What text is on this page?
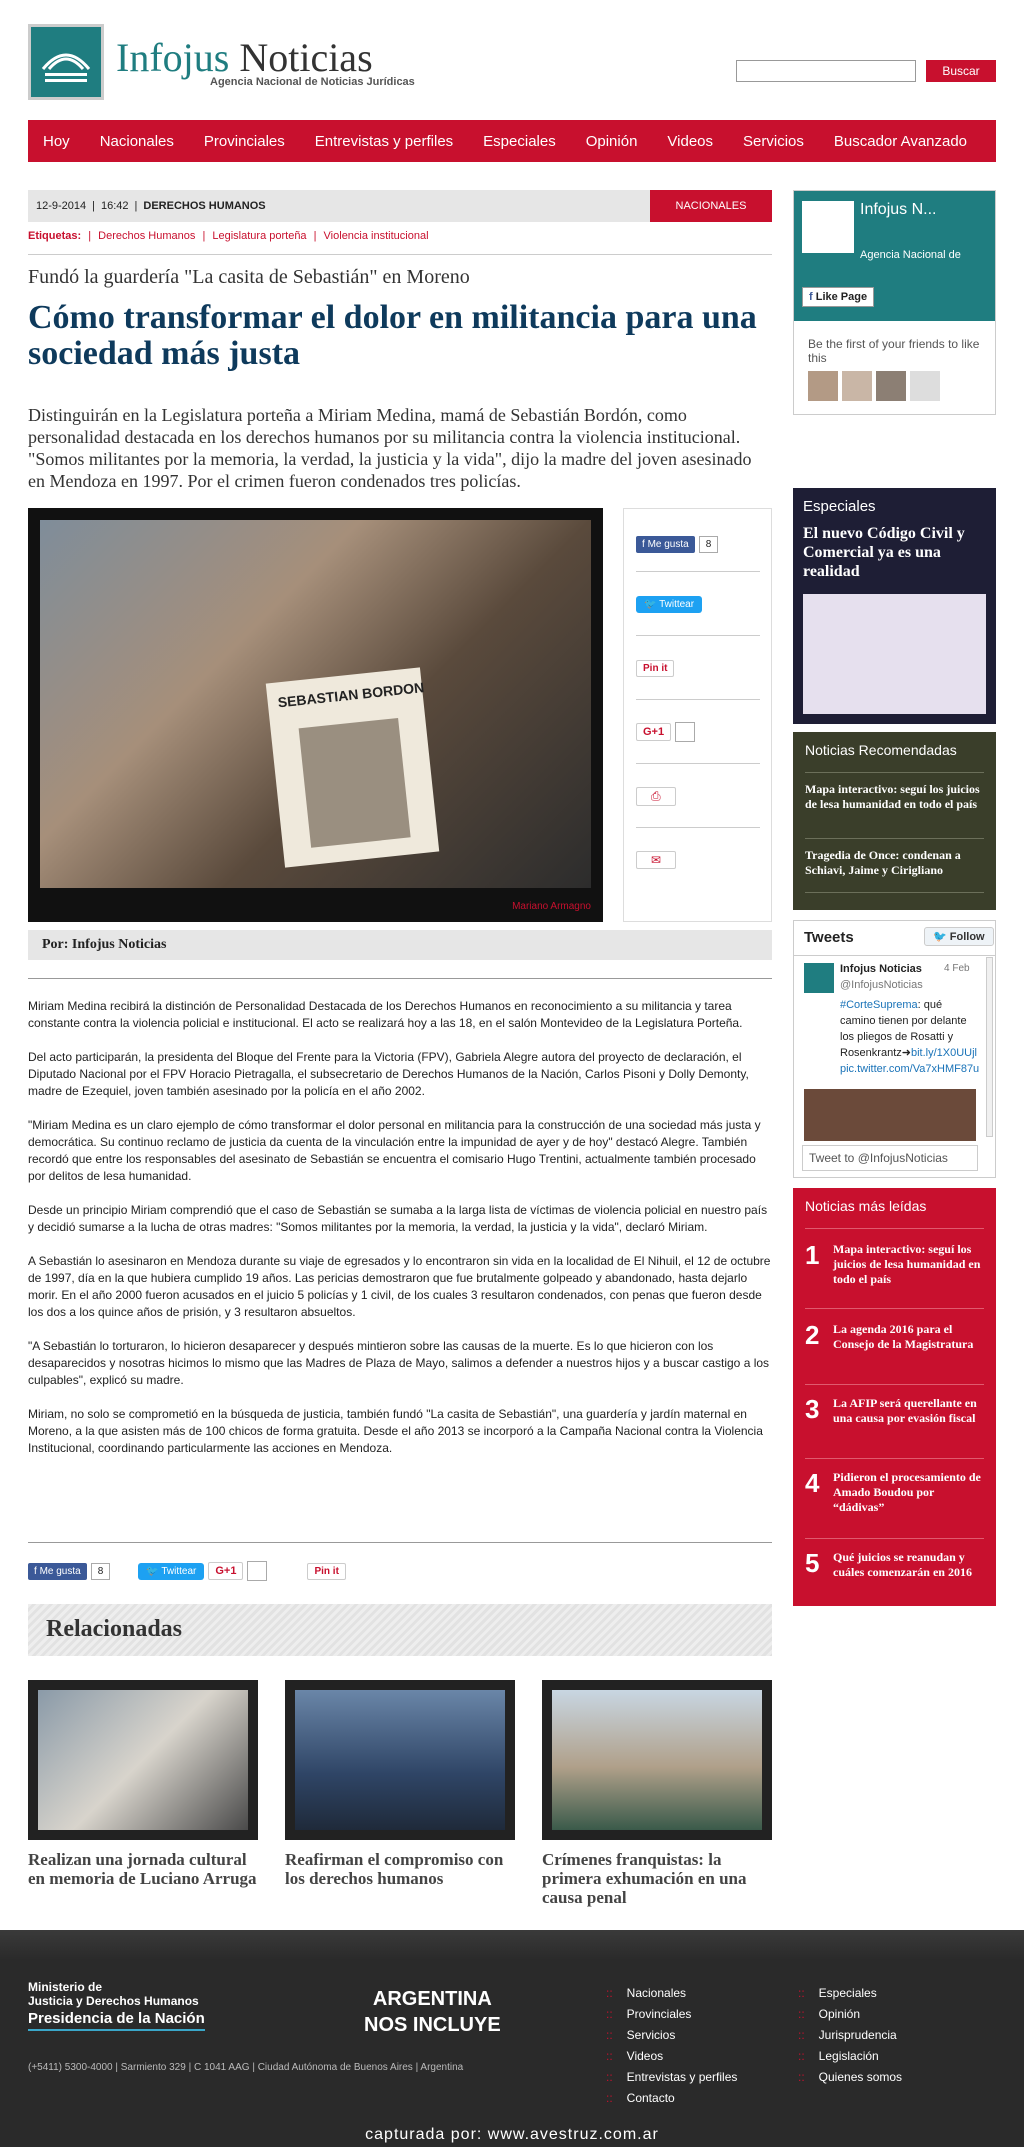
Infojus Noticias
Agencia Nacional de Noticias Jurídicas
Buscar
Hoy	Nacionales	Provinciales	Entrevistas y perfiles	Especiales	Opinión	Videos	Servicios	Buscador Avanzado
12-9-2014 | 16:42 | DERECHOS HUMANOS	NACIONALES
Etiquetas: | Derechos Humanos | Legislatura porteña | Violencia institucional
Fundó la guardería "La casita de Sebastián" en Moreno
Cómo transformar el dolor en militancia para una sociedad más justa
Distinguirán en la Legislatura porteña a Miriam Medina, mamá de Sebastián Bordón, como personalidad destacada en los derechos humanos por su militancia contra la violencia institucional. "Somos militantes por la memoria, la verdad, la justicia y la vida", dijo la madre del joven asesinado en Mendoza en 1997. Por el crimen fueron condenados tres policías.
SEBASTIAN BORDON
Mariano Armagno
f Me gusta	8
🐦 Twittear
Pin it
G+1
⎙
✉
Por: Infojus Noticias

Miriam Medina recibirá la distinción de Personalidad Destacada de los Derechos Humanos en reconocimiento a su militancia y tarea constante contra la violencia policial e institucional. El acto se realizará hoy a las 18, en el salón Montevideo de la Legislatura Porteña.

Del acto participarán, la presidenta del Bloque del Frente para la Victoria (FPV), Gabriela Alegre autora del proyecto de declaración, el Diputado Nacional por el FPV Horacio Pietragalla, el subsecretario de Derechos Humanos de la Nación, Carlos Pisoni y Dolly Demonty, madre de Ezequiel, joven también asesinado por la policía en el año 2002.

"Miriam Medina es un claro ejemplo de cómo transformar el dolor personal en militancia para la construcción de una sociedad más justa y democrática. Su continuo reclamo de justicia da cuenta de la vinculación entre la impunidad de ayer y de hoy" destacó Alegre. También recordó que entre los responsables del asesinato de Sebastián se encuentra el comisario Hugo Trentini, actualmente también procesado por delitos de lesa humanidad.

Desde un principio Miriam comprendió que el caso de Sebastián se sumaba a la larga lista de víctimas de violencia policial en nuestro país y decidió sumarse a la lucha de otras madres: "Somos militantes por la memoria, la verdad, la justicia y la vida", declaró Miriam.

A Sebastián lo asesinaron en Mendoza durante su viaje de egresados y lo encontraron sin vida en la localidad de El Nihuil, el 12 de octubre de 1997, día en la que hubiera cumplido 19 años. Las pericias demostraron que fue brutalmente golpeado y abandonado, hasta dejarlo morir. En el año 2000 fueron acusados en el juicio 5 policías y 1 civil, de los cuales 3 resultaron condenados, con penas que fueron desde los dos a los quince años de prisión, y 3 resultaron absueltos.

"A Sebastián lo torturaron, lo hicieron desaparecer y después mintieron sobre las causas de la muerte. Es lo que hicieron con los desaparecidos y nosotras hicimos lo mismo que las Madres de Plaza de Mayo, salimos a defender a nuestros hijos y a buscar castigo a los culpables", explicó su madre.

Miriam, no solo se comprometió en la búsqueda de justicia, también fundó "La casita de Sebastián", una guardería y jardín maternal en Moreno, a la que asisten más de 100 chicos de forma gratuita. Desde el año 2013 se incorporó a la Campaña Nacional contra la Violencia Institucional, coordinando particularmente las acciones en Mendoza.

f Me gusta	8	🐦 Twittear	G+1	Pin it
Relacionadas
Realizan una jornada cultural en memoria de Luciano Arruga
Reafirman el compromiso con los derechos humanos
Crímenes franquistas: la primera exhumación en una causa penal
Infojus N...
Agencia Nacional de
f Like Page
Be the first of your friends to like this
Especiales
El nuevo Código Civil y Comercial ya es una realidad
Noticias Recomendadas
Mapa interactivo: seguí los juicios de lesa humanidad en todo el país
Tragedia de Once: condenan a Schiavi, Jaime y Cirigliano
Tweets	🐦 Follow
Infojus Noticias
@InfojusNoticias
4 Feb
#CorteSuprema: qué camino tienen por delante los pliegos de Rosatti y Rosenkrantz➜bit.ly/1X0UUjl pic.twitter.com/Va7xHMF87u
Tweet to @InfojusNoticias
Noticias más leídas
1 Mapa interactivo: seguí los juicios de lesa humanidad en todo el país
2 La agenda 2016 para el Consejo de la Magistratura
3 La AFIP será querellante en una causa por evasión fiscal
4 Pidieron el procesamiento de Amado Boudou por “dádivas”
5 Qué juicios se reanudan y cuáles comenzarán en 2016
Ministerio de
Justicia y Derechos Humanos
Presidencia de la Nación
ARGENTINA
NOS INCLUYE
(+5411) 5300-4000 | Sarmiento 329 | C 1041 AAG | Ciudad Autónoma de Buenos Aires | Argentina
:: Nacionales
:: Provinciales
:: Servicios
:: Videos
:: Entrevistas y perfiles
:: Contacto
:: Especiales
:: Opinión
:: Jurisprudencia
:: Legislación
:: Quienes somos
capturada por: www.avestruz.com.ar
